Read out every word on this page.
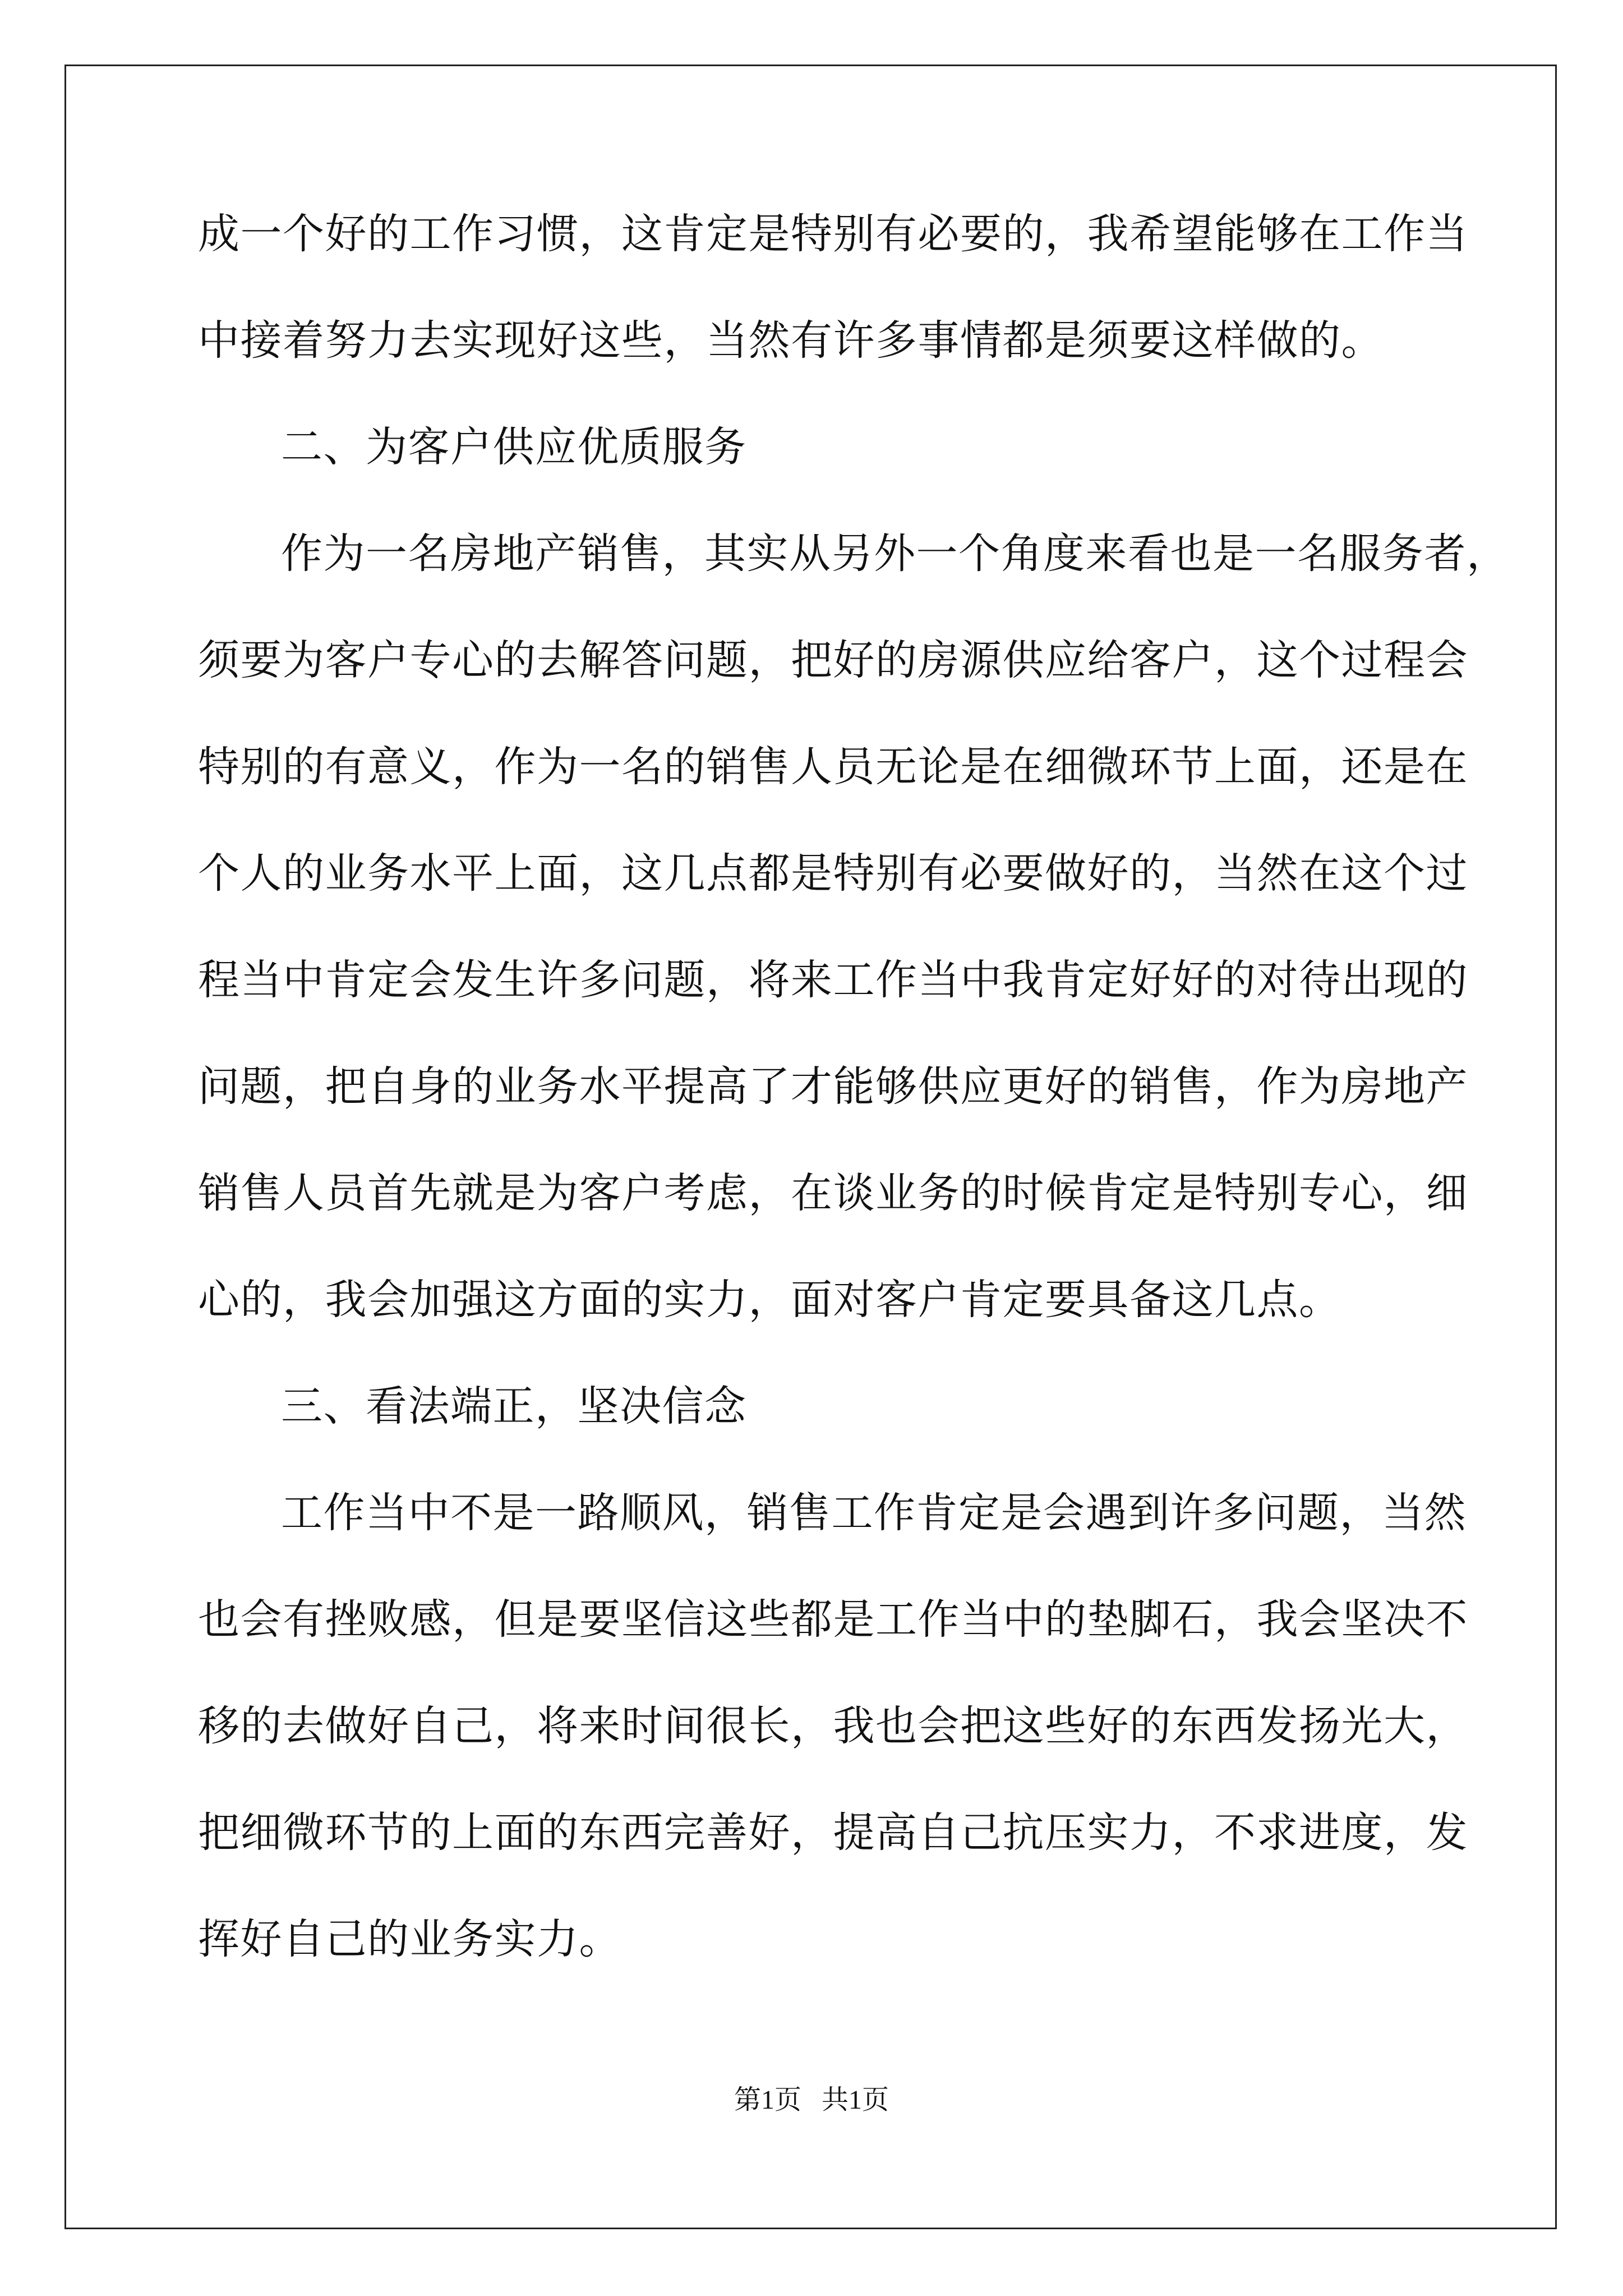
成一个好的工作习惯，这肯定是特别有必要的，我希望能够在工作当
中接着努力去实现好这些，当然有许多事情都是须要这样做的。
二、为客户供应优质服务
作为一名房地产销售，其实从另外一个角度来看也是一名服务者，
须要为客户专心的去解答问题，把好的房源供应给客户，这个过程会
特别的有意义，作为一名的销售人员无论是在细微环节上面，还是在
个人的业务水平上面，这几点都是特别有必要做好的，当然在这个过
程当中肯定会发生许多问题，将来工作当中我肯定好好的对待出现的
问题，把自身的业务水平提高了才能够供应更好的销售，作为房地产
销售人员首先就是为客户考虑，在谈业务的时候肯定是特别专心，细
心的，我会加强这方面的实力，面对客户肯定要具备这几点。
三、看法端正，坚决信念
工作当中不是一路顺风，销售工作肯定是会遇到许多问题，当然
也会有挫败感，但是要坚信这些都是工作当中的垫脚石，我会坚决不
移的去做好自己，将来时间很长，我也会把这些好的东西发扬光大，
把细微环节的上面的东西完善好，提高自己抗压实力，不求进度，发
挥好自己的业务实力。
第1页   共1页
